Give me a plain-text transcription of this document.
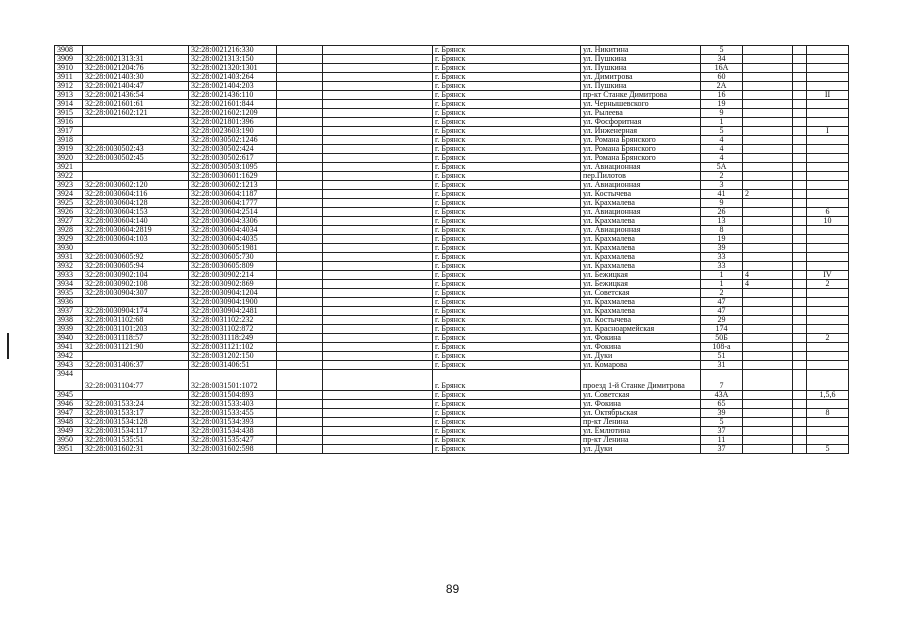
3908		32:28:0021216:330			г. Брянск	ул. Никитина	5			
3909	32:28:0021313:31	32:28:0021313:150			г. Брянск	ул. Пушкина	34			
3910	32:28:0021204:76	32:28:0021320:1301			г. Брянск	ул. Пушкина	16А			
3911	32:28:0021403:30	32:28:0021403:264			г. Брянск	ул. Димитрова	60			
3912	32:28:0021404:47	32:28:0021404:203			г. Брянск	ул. Пушкина	2А			
3913	32:28:0021436:54	32:28:0021436:110			г. Брянск	пр-кт Станке Димитрова	16			II
3914	32:28:0021601:61	32:28:0021601:844			г. Брянск	ул. Чернышевского	19			
3915	32:28:0021602:121	32:28:0021602:1209			г. Брянск	ул. Рылеева	9			
3916		32:28:0021801:396			г. Брянск	ул. Фосфоритная	1			
3917		32:28:0023603:190			г. Брянск	ул. Инженерная	5			I
3918		32:28:0030502:1246			г. Брянск	ул. Романа Брянского	4			
3919	32:28:0030502:43	32:28:0030502:424			г. Брянск	ул. Романа Брянского	4			
3920	32:28:0030502:45	32:28:0030502:617			г. Брянск	ул. Романа Брянского	4			
3921		32:28:0030503:1095			г. Брянск	ул. Авиационная	5А			
3922		32:28:0030601:1629			г. Брянск	пер.Пилотов	2			
3923	32:28:0030602:120	32:28:0030602:1213			г. Брянск	ул. Авиационная	3			
3924	32:28:0030604:116	32:28:0030604:1187			г. Брянск	ул. Костычева	41	2		
3925	32:28:0030604:128	32:28:0030604:1777			г. Брянск	ул. Крахмалева	9			
3926	32:28:0030604:153	32:28:0030604:2514			г. Брянск	ул. Авиационная	26			6
3927	32:28:0030604:140	32:28:0030604:3306			г. Брянск	ул. Крахмалева	13			10
3928	32:28:0030604:2819	32:28:0030604:4034			г. Брянск	ул. Авиационная	8			
3929	32:28:0030604:103	32:28:0030604:4035			г. Брянск	ул. Крахмалева	19			
3930		32:28:0030605:1981			г. Брянск	ул. Крахмалева	39			
3931	32:28:0030605:92	32:28:0030605:730			г. Брянск	ул. Крахмалева	33			
3932	32:28:0030605:94	32:28:0030605:809			г. Брянск	ул. Крахмалева	33			
3933	32:28:0030902:104	32:28:0030902:214			г. Брянск	ул. Бежицкая	1	4		IV
3934	32:28:0030902:108	32:28:0030902:869			г. Брянск	ул. Бежицкая	1	4		2
3935	32:28:0030904:307	32:28:0030904:1204			г. Брянск	ул. Советская	2			
3936		32:28:0030904:1900			г. Брянск	ул. Крахмалева	47			
3937	32:28:0030904:174	32:28:0030904:2481			г. Брянск	ул. Крахмалева	47			
3938	32:28:0031102:68	32:28:0031102:232			г. Брянск	ул. Костычева	29			
3939	32:28:0031101:203	32:28:0031102:872			г. Брянск	ул. Красноармейская	174			
3940	32:28:0031118:57	32:28:0031118:249			г. Брянск	ул. Фокина	50Б			2
3941	32:28:0031121:90	32:28:0031121:102			г. Брянск	ул. Фокина	108-а			
3942		32:28:0031202:150			г. Брянск	ул. Дуки	51			
3943	32:28:0031406:37	32:28:0031406:51			г. Брянск	ул. Комарова	31			
3944	32:28:0031104:77	32:28:0031501:1072			г. Брянск	проезд 1-й Станке Димитрова	7			
3945		32:28:0031504:893			г. Брянск	ул. Советская	43А			1,5,6
3946	32:28:0031533:24	32:28:0031533:403			г. Брянск	ул. Фокина	65			
3947	32:28:0031533:17	32:28:0031533:455			г. Брянск	ул. Октябрьская	39			8
3948	32:28:0031534:128	32:28:0031534:393			г. Брянск	пр-кт Ленина	5			
3949	32:28:0031534:117	32:28:0031534:438			г. Брянск	ул. Емлютина	37			
3950	32:28:0031535:51	32:28:0031535:427			г. Брянск	пр-кт Ленина	11			
3951	32:28:0031602:31	32:28:0031602:598			г. Брянск	ул. Дуки	37			5
89
